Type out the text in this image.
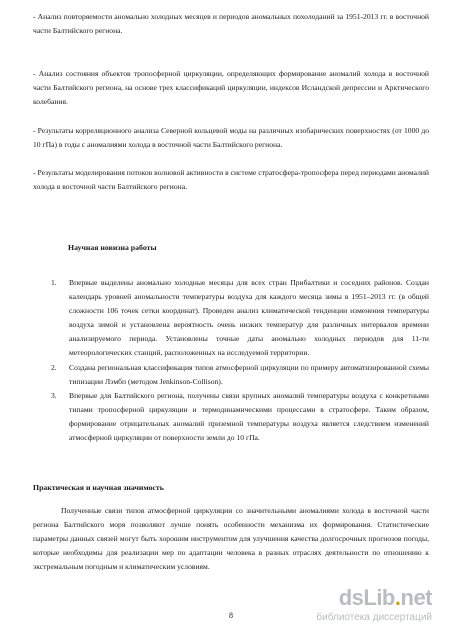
- Анализ повторяемости аномально холодных месяцев и периодов аномальных похолоданий за 1951-2013 гг. в восточной части Балтийского региона.

- Анализ состояния объектов тропосферной циркуляции, определяющих формирование аномалий холода в восточной части Балтийского региона, на основе трех классификаций циркуляции, индексов Исландской депрессии и Арктического колебания.

- Результаты корреляционного анализа Северной кольцевой моды на различных изобарических поверхностях (от 1000 до 10 гПа) в годы с аномалиями холода в восточной части Балтийского региона.

- Результаты моделирования потоков волновой активности в системе стратосфера-тропосфера перед периодами аномалий холода в восточной части Балтийского региона.

Научная новизна работы
1. Впервые выделены аномально холодные месяцы для всех стран Прибалтики и соседних районов. Создан календарь уровней аномальности температуры воздуха для каждого месяца зимы в 1951–2013 гг. (в общей сложности 106 точек сетки координат). Проведен анализ климатической тенденции изменения температуры воздуха зимой и установлена вероятность очень низких температур для различных интервалов времени анализируемого периода. Установлены точные даты аномально холодных периодов для 11-ти метеорологических станций, расположенных на исследуемой территории.
2. Создана региональная классификация типов атмосферной циркуляции по примеру автоматизированной схемы типизации Лэмбп (методом Jenkinson-Collison).
3. Впервые для Балтийского региона, получены связи крупных аномалий температуры воздуха с конкретными типами тропосферной циркуляции и термодинамическими процессами в стратосфере. Таким образом, формирование отрицательных аномалий приземной температуры воздуха является следствием изменений атмосферной циркуляции от поверхности земли до 10 гПа.
Практическая и научная значимость

Полученные связи типов атмосферной циркуляции со значительными аномалиями холода в восточной части региона Балтийского моря позволяют лучше понять особенности механизма их формирования. Статистические параметры данных связей могут быть хорошим инструментом для улучшения качества долгосрочных прогнозов погоды, которые необходимы для реализации мер по адаптации человека в разных отраслях деятельности по отношению к экстремальным погодным и климатическим условиям.

8
dsLib.net
библиотека диссертаций
